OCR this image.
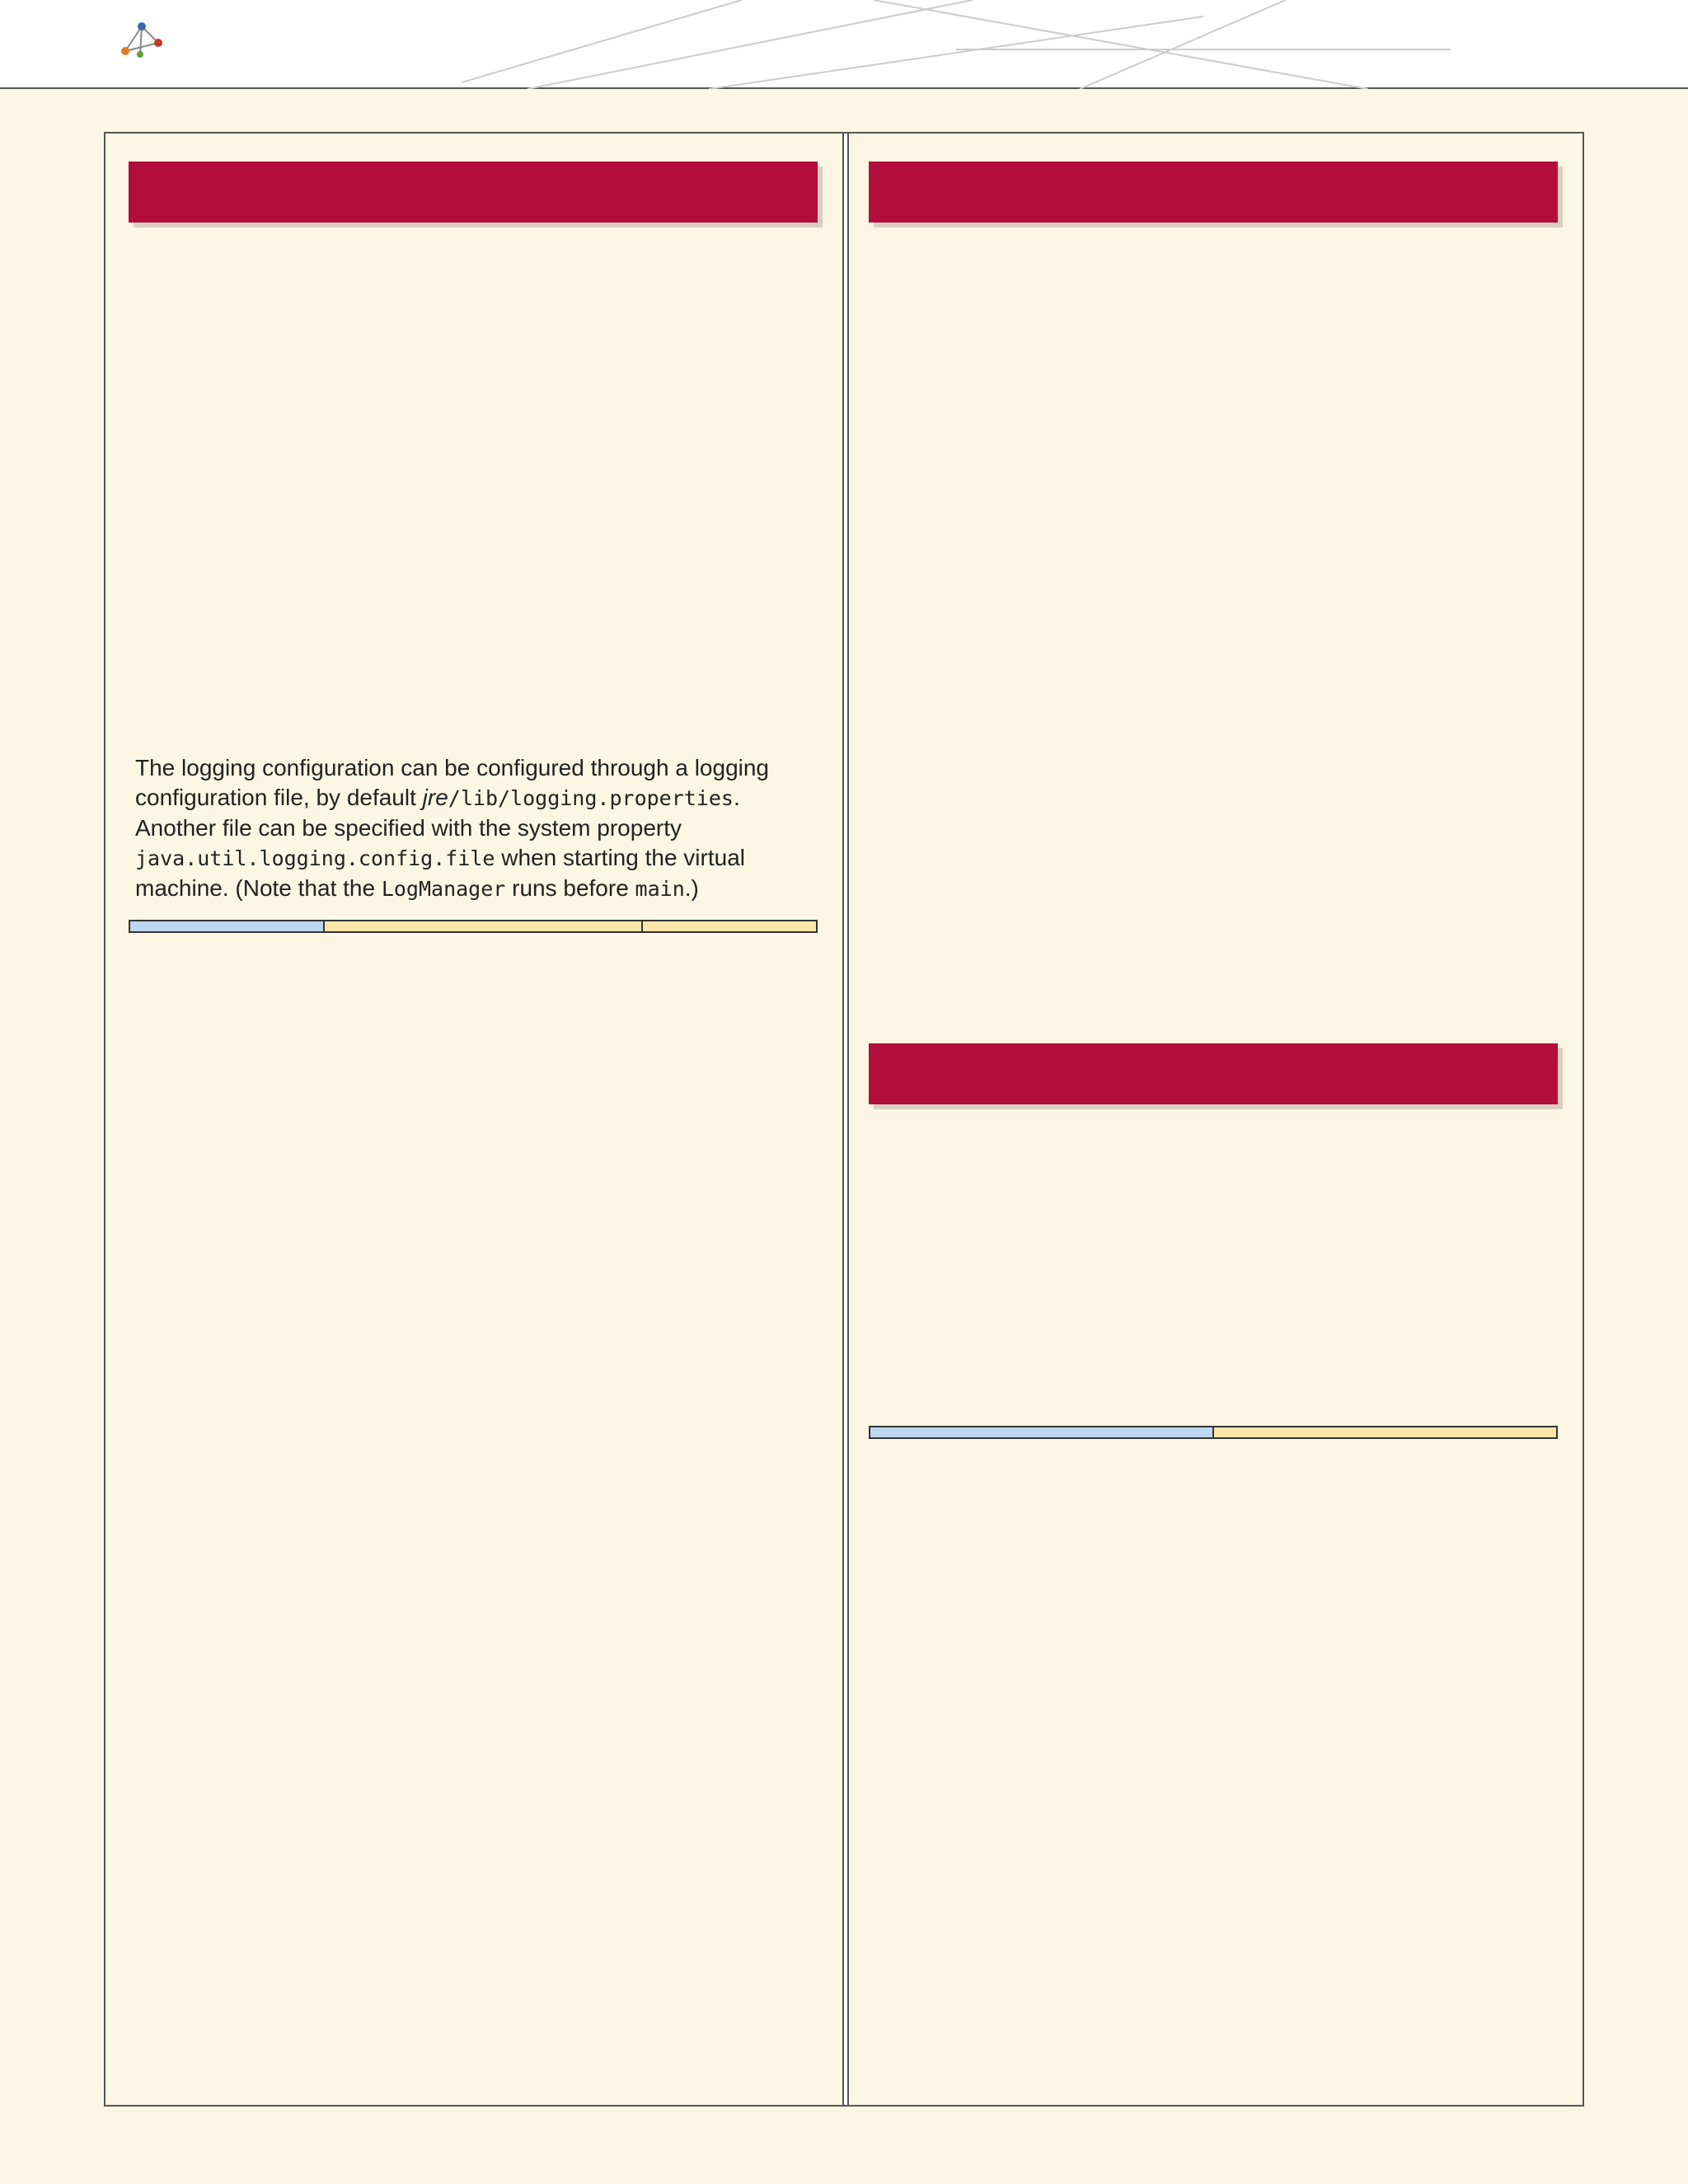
The logging configuration can be configured through a logging configuration file, by default jre/lib/logging.properties. Another file can be specified with the system property java.util.logging.config.file when starting the virtual machine. (Note that the LogManager runs before main.)
